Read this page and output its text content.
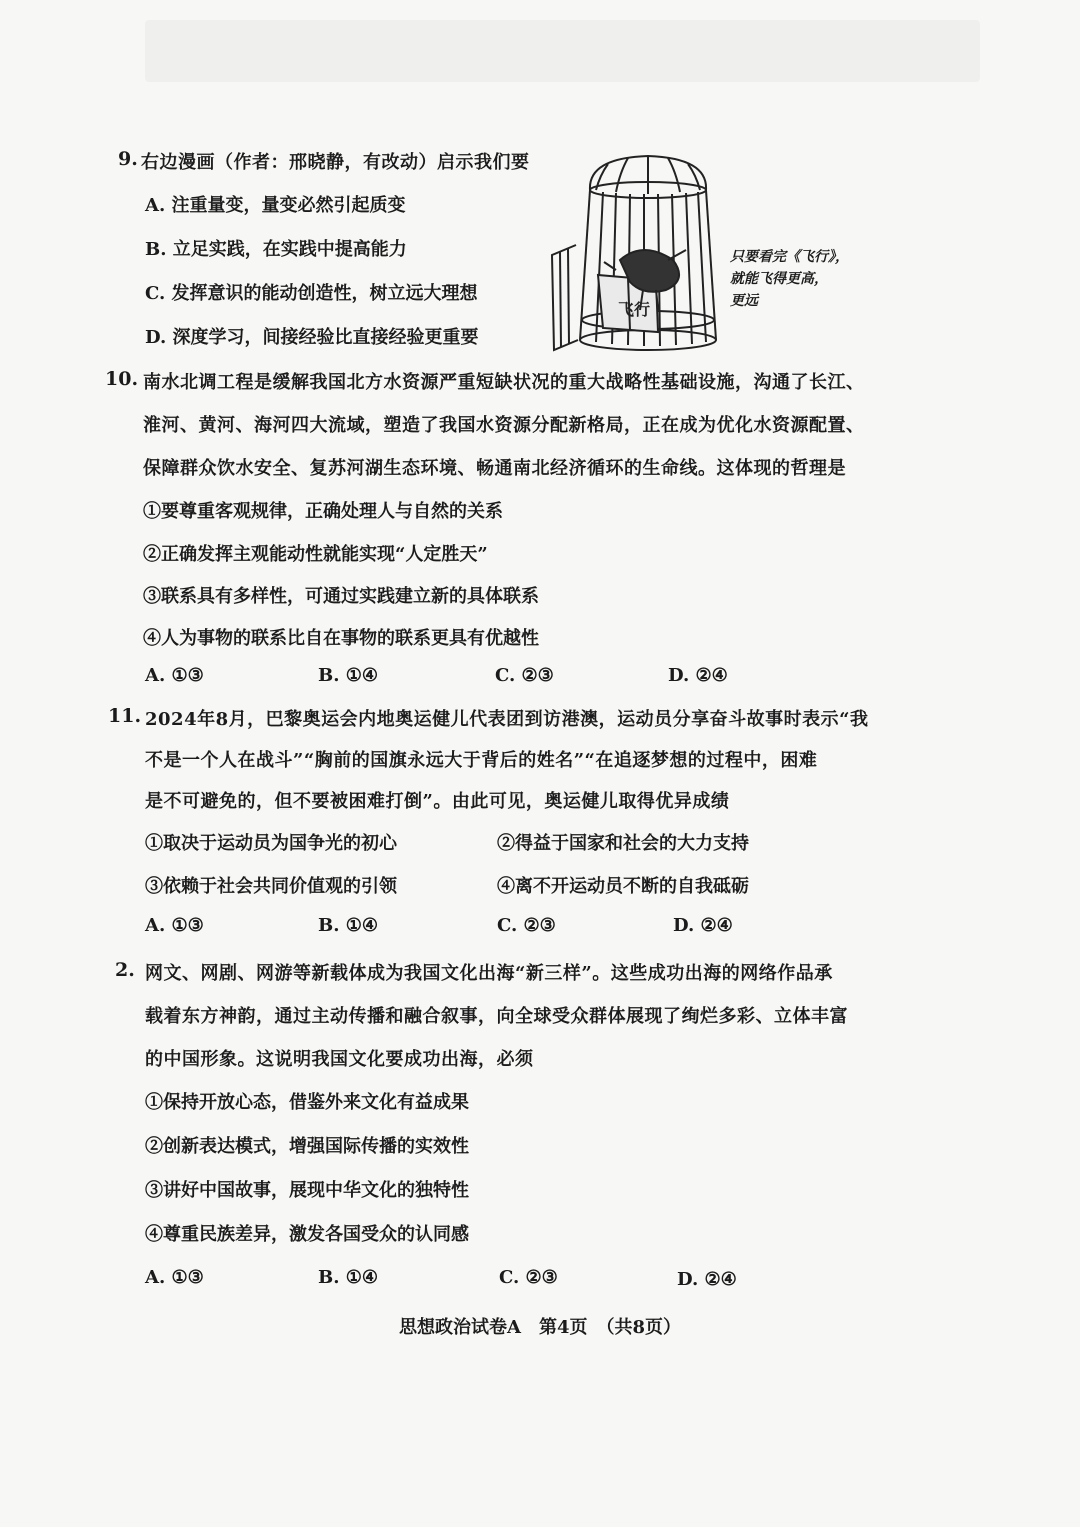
9. 右边漫画（作者：邢晓静，有改动）启示我们要
A. 注重量变，量变必然引起质变
B. 立足实践，在实践中提高能力
C. 发挥意识的能动创造性，树立远大理想
D. 深度学习，间接经验比直接经验更重要
飞行
只要看完《飞行》，
就能飞得更高，
更远
10. 南水北调工程是缓解我国北方水资源严重短缺状况的重大战略性基础设施，沟通了长江、
淮河、黄河、海河四大流域，塑造了我国水资源分配新格局，正在成为优化水资源配置、
保障群众饮水安全、复苏河湖生态环境、畅通南北经济循环的生命线。这体现的哲理是
①要尊重客观规律，正确处理人与自然的关系
②正确发挥主观能动性就能实现“人定胜天”
③联系具有多样性，可通过实践建立新的具体联系
④人为事物的联系比自在事物的联系更具有优越性
A. ①③	B. ①④	C. ②③	D. ②④
11. 2024年8月，巴黎奥运会内地奥运健儿代表团到访港澳，运动员分享奋斗故事时表示“我
不是一个人在战斗”“胸前的国旗永远大于背后的姓名”“在追逐梦想的过程中，困难
是不可避免的，但不要被困难打倒”。由此可见，奥运健儿取得优异成绩
①取决于运动员为国争光的初心	②得益于国家和社会的大力支持
③依赖于社会共同价值观的引领	④离不开运动员不断的自我砥砺
A. ①③	B. ①④	C. ②③	D. ②④
2. 网文、网剧、网游等新载体成为我国文化出海“新三样”。这些成功出海的网络作品承
载着东方神韵，通过主动传播和融合叙事，向全球受众群体展现了绚烂多彩、立体丰富
的中国形象。这说明我国文化要成功出海，必须
①保持开放心态，借鉴外来文化有益成果
②创新表达模式，增强国际传播的实效性
③讲好中国故事，展现中华文化的独特性
④尊重民族差异，激发各国受众的认同感
A. ①③	B. ①④	C. ②③	D. ②④
思想政治试卷A　第4页　（共8页）
